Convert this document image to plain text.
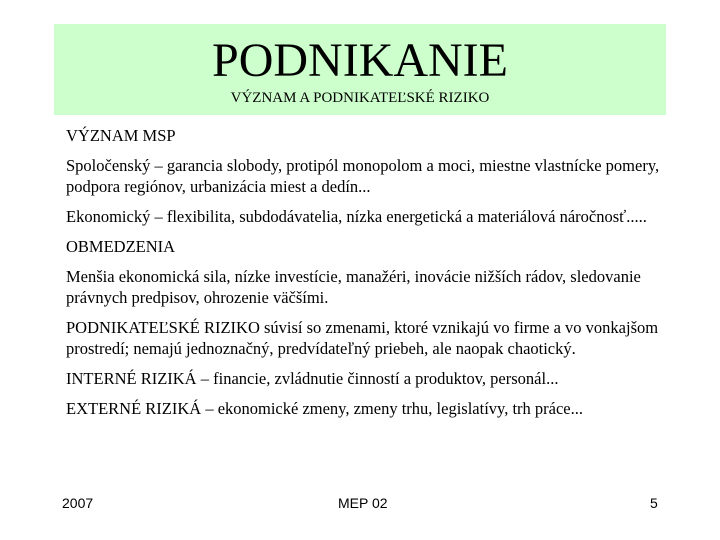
PODNIKANIE
VÝZNAM A PODNIKATEĽSKÉ RIZIKO

VÝZNAM MSP

Spoločenský – garancia slobody, protipól monopolom a moci, miestne vlastnícke pomery, podpora regiónov, urbanizácia miest a dedín...

Ekonomický – flexibilita, subdodávatelia, nízka energetická a materiálová náročnosť.....

OBMEDZENIA

Menšia ekonomická sila, nízke investície, manažéri, inovácie nižších rádov, sledovanie právnych predpisov, ohrozenie väčšími.

PODNIKATEĽSKÉ RIZIKO súvisí so zmenami, ktoré vznikajú vo firme a vo vonkajšom prostredí; nemajú jednoznačný, predvídateľný priebeh, ale naopak chaotický.

INTERNÉ RIZIKÁ – financie, zvládnutie činností a produktov, personál...

EXTERNÉ RIZIKÁ – ekonomické zmeny, zmeny trhu, legislatívy, trh práce...

2007	MEP 02	5
